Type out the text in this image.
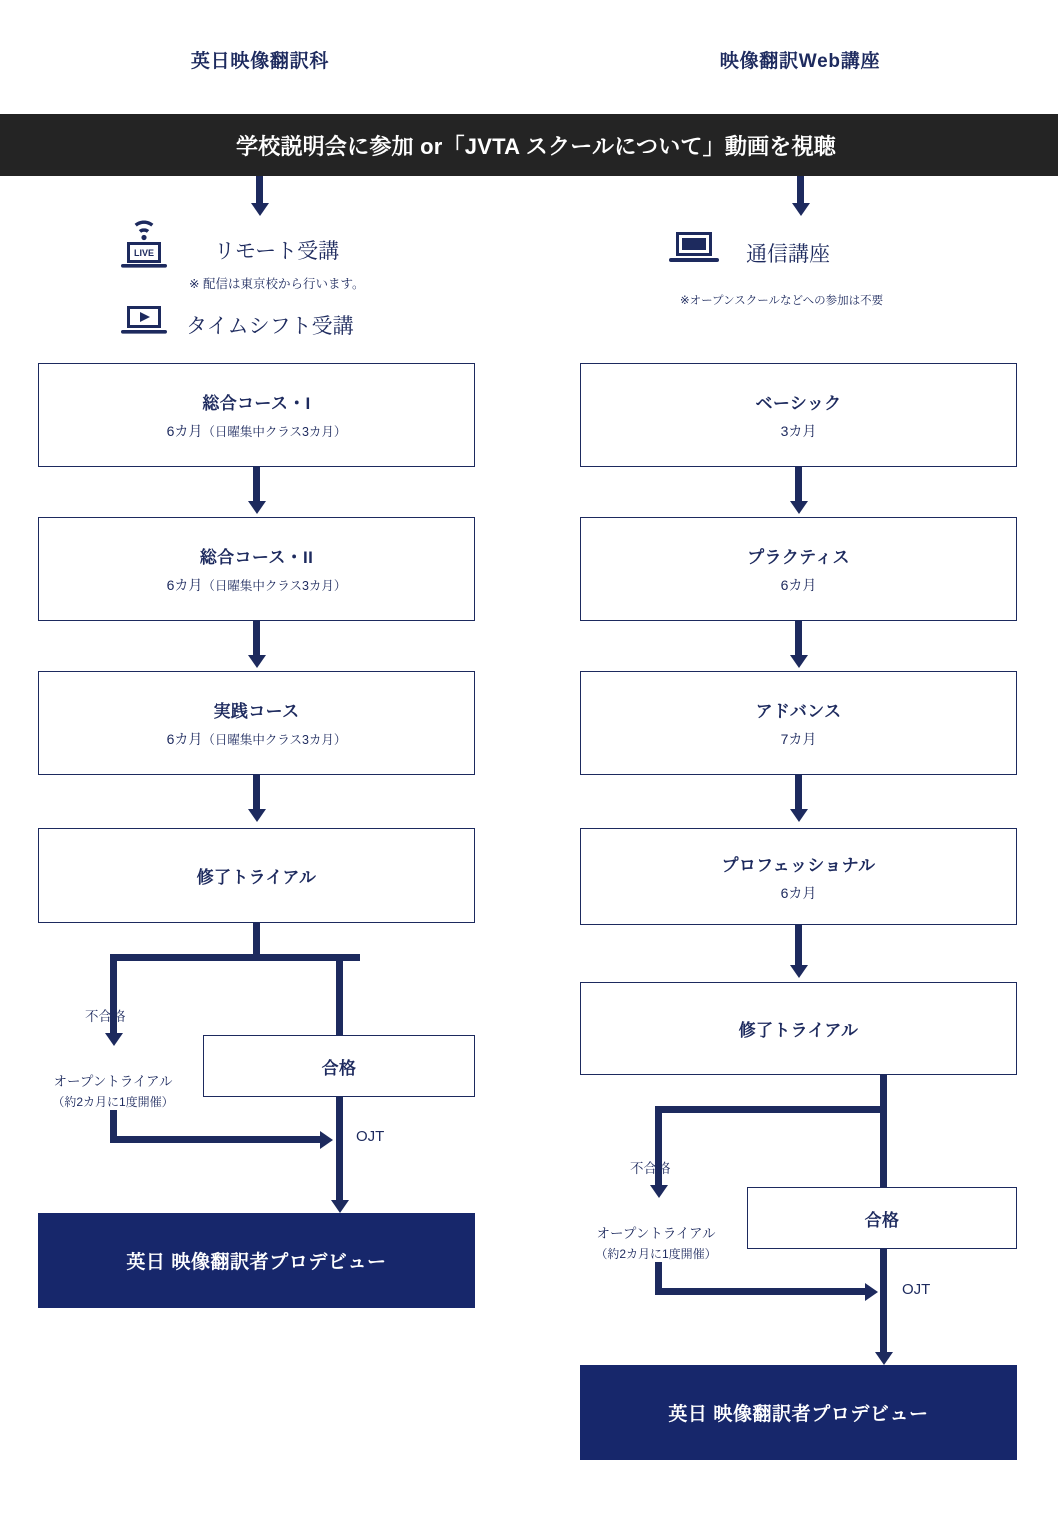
英日映像翻訳科	映像翻訳Web講座
学校説明会に参加 or「JVTA スクールについて」動画を視聴
LIVE	リモート受講
※ 配信は東京校から行います。
タイムシフト受講
通信講座
※オープンスクールなどへの参加は不要
総合コース・I
6カ月（日曜集中クラス3カ月）
総合コース・II
6カ月（日曜集中クラス3カ月）
実践コース
6カ月（日曜集中クラス3カ月）
修了トライアル
不合格
合格
オープントライアル
（約2カ月に1度開催）
OJT
英日 映像翻訳者プロデビュー
ベーシック
3カ月
プラクティス
6カ月
アドバンス
7カ月
プロフェッショナル
6カ月
修了トライアル
不合格
合格
オープントライアル
（約2カ月に1度開催）
OJT
英日 映像翻訳者プロデビュー
